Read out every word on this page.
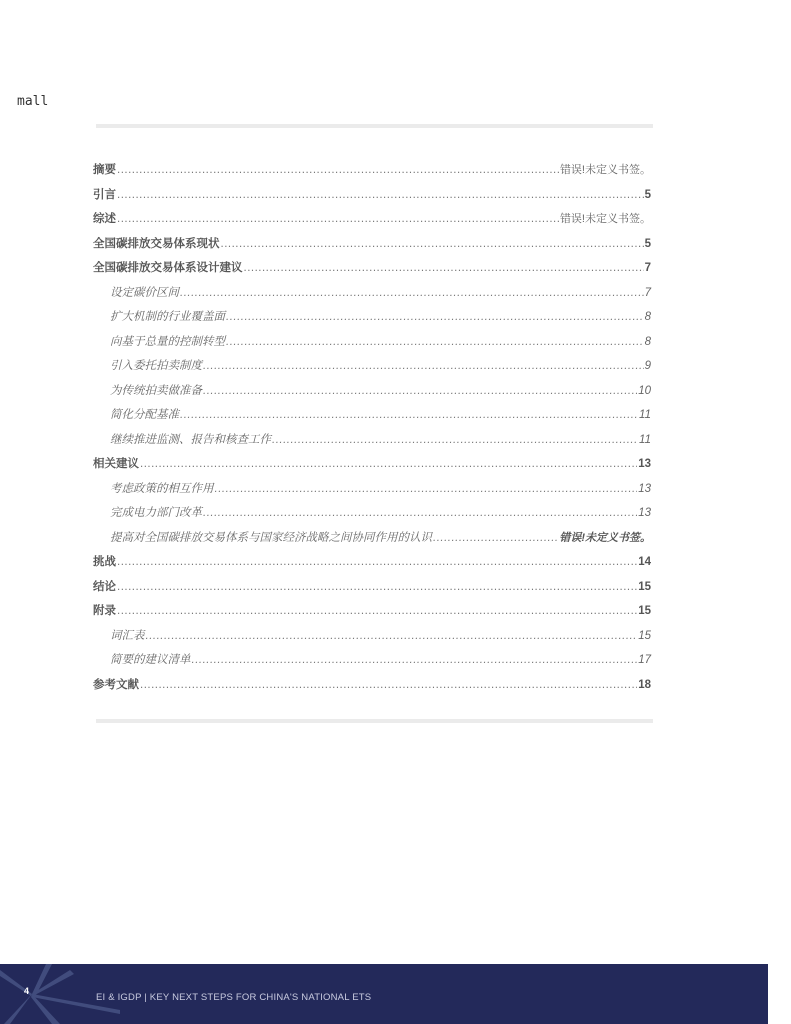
mall
摘要 .....	错误!未定义书签。
引言 .....	5
综述 .....	错误!未定义书签。
全国碳排放交易体系现状 .....	5
全国碳排放交易体系设计建议 .....	7
设定碳价区间 .....	7
扩大机制的行业覆盖面 .....	8
向基于总量的控制转型 .....	8
引入委托拍卖制度 .....	9
为传统拍卖做准备 .....	10
简化分配基准 .....	11
继续推进监测、报告和核查工作 .....	11
相关建议 .....	13
考虑政策的相互作用 .....	13
完成电力部门改革 .....	13
提高对全国碳排放交易体系与国家经济战略之间协同作用的认识 .....	错误!未定义书签。
挑战 .....	14
结论 .....	15
附录 .....	15
词汇表 .....	15
简要的建议清单 .....	17
参考文献 .....	18
4
EI & IGDP | KEY NEXT STEPS FOR CHINA'S NATIONAL ETS
